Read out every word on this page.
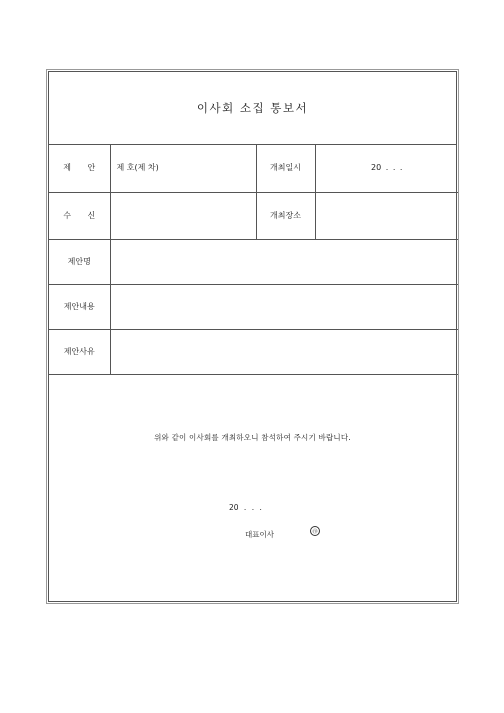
이사회 소집 통보서
제 안	제 호(제 차)	개최일시	20 . . .
수 신		개최장소	
제안명			
제안내용			
제안사유			
위와 같이 이사회를 개최하오니 참석하여 주시기 바랍니다.
20 . . .
대표이사	㊞
